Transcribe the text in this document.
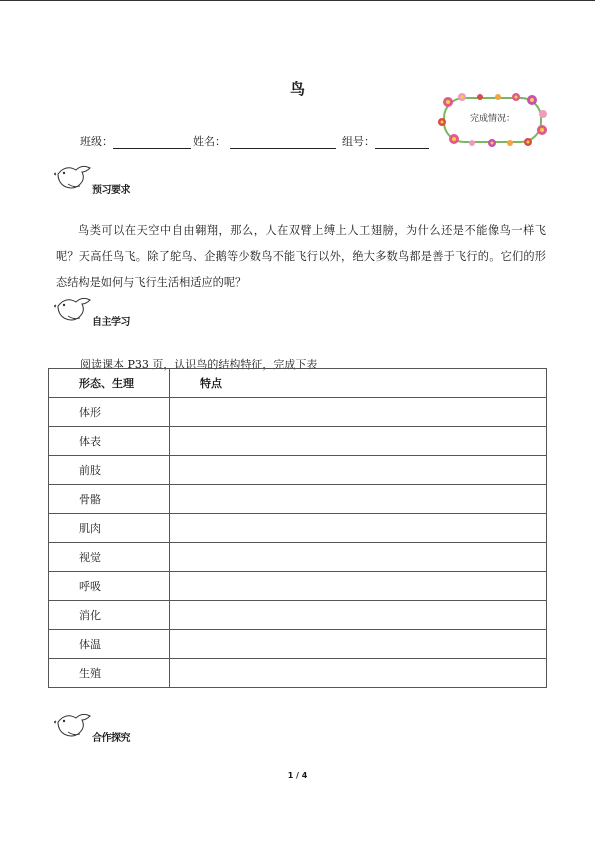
鸟
完成情况：
班级：	姓名：	组号：
预习要求
鸟类可以在天空中自由翱翔，那么，人在双臂上缚上人工翅膀，为什么还是不能像鸟一样飞呢？天高任鸟飞。除了鸵鸟、企鹅等少数鸟不能飞行以外，绝大多数鸟都是善于飞行的。它们的形态结构是如何与飞行生活相适应的呢？
自主学习
阅读课本 P33 页，认识鸟的结构特征，完成下表
形态、生理	特点
体形	
体表	
前肢	
骨骼	
肌肉	
视觉	
呼吸	
消化	
体温	
生殖	
合作探究
1 / 4
